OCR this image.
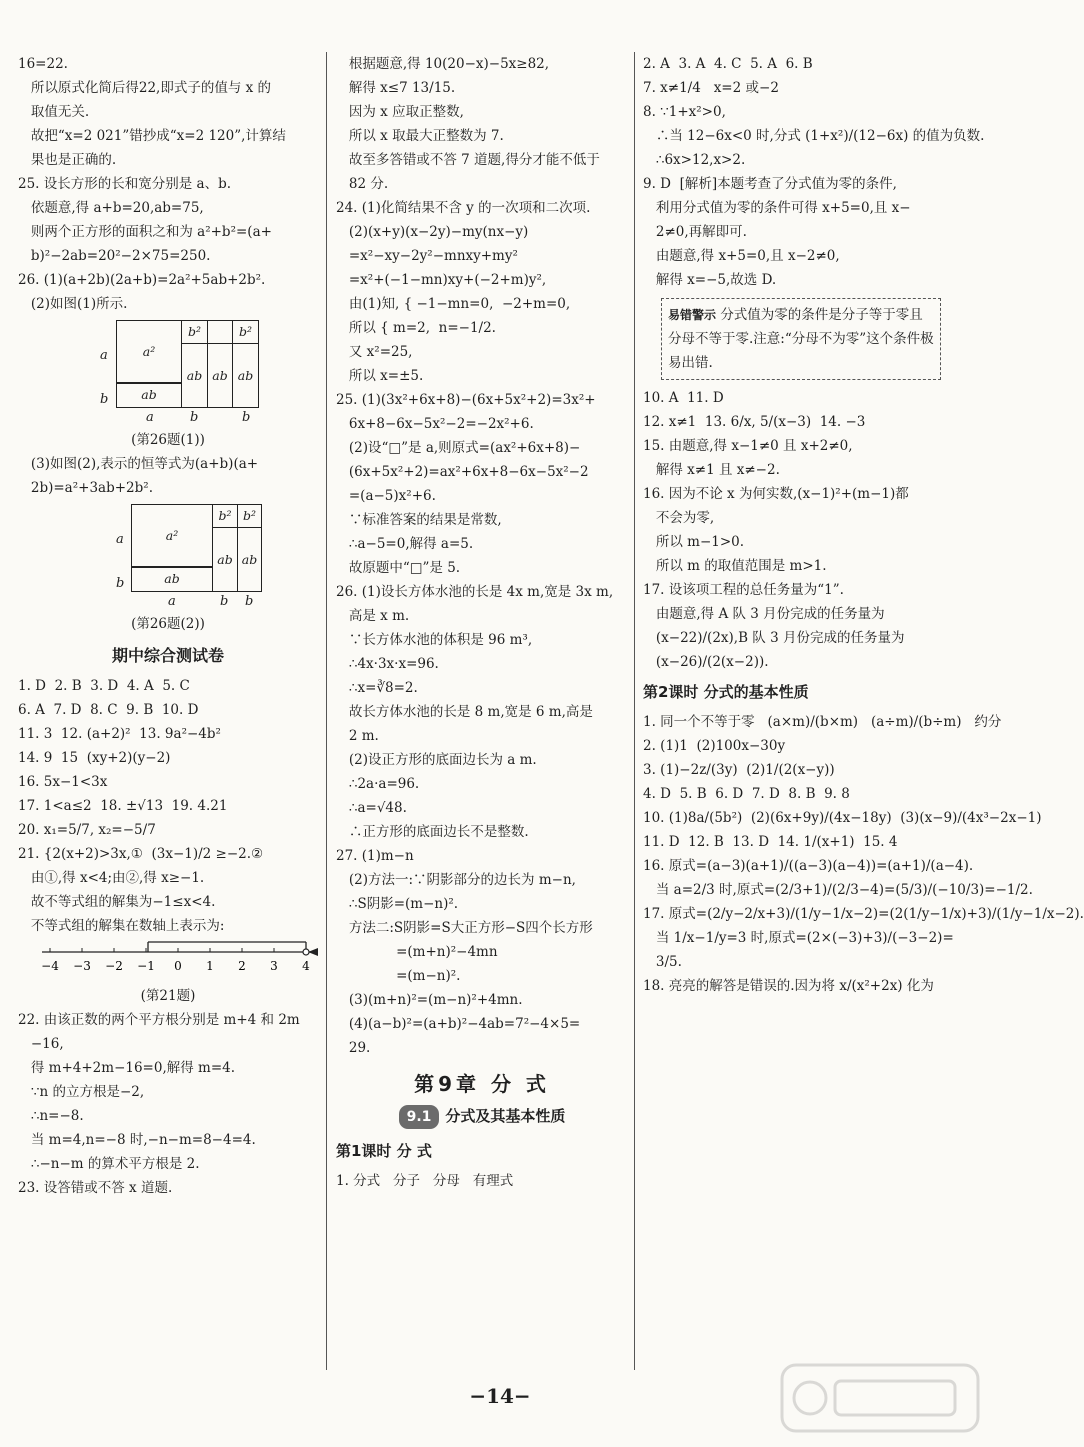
16=22.
所以原式化简后得22,即式子的值与 x 的
取值无关.
故把“x=2 021”错抄成“x=2 120”,计算结
果也是正确的.
25. 设长方形的长和宽分别是 a、b.
依题意,得 a+b=20,ab=75,
则两个正方形的面积之和为 a²+b²=(a+
b)²−2ab=20²−2×75=250.
26. (1)(a+2b)(2a+b)=2a²+5ab+2b².
(2)如图(1)所示.
a
b
a²
ab
b²	b²
ab ab ab
a	b	b
(第26题(1))
(3)如图(2),表示的恒等式为(a+b)(a+
2b)=a²+3ab+2b².
a
b
a²
ab
b² b²
ab ab
a	b b
(第26题(2))
期中综合测试卷
1. D  2. B  3. D  4. A  5. C
6. A  7. D  8. C  9. B  10. D
11. 3  12. (a+2)²  13. 9a²−4b²
14. 9  15  (xy+2)(y−2)
16. 5x−1<3x
17. 1<a≤2  18. ±√13  19. 4.21
20. x₁=5/7, x₂=−5/7
21. {2(x+2)>3x,①  (3x−1)/2 ≥−2.②
由①,得 x<4;由②,得 x≥−1.
故不等式组的解集为−1≤x<4.
不等式组的解集在数轴上表示为:
−4 −3 −2 −1 0 1 2 3 4
(第21题)
22. 由该正数的两个平方根分别是 m+4 和 2m
−16,
得 m+4+2m−16=0,解得 m=4.
∵n 的立方根是−2,
∴n=−8.
当 m=4,n=−8 时,−n−m=8−4=4.
∴−n−m 的算术平方根是 2.
23. 设答错或不答 x 道题.
根据题意,得 10(20−x)−5x≥82,
解得 x≤7 13/15.
因为 x 应取正整数,
所以 x 取最大正整数为 7.
故至多答错或不答 7 道题,得分才能不低于
82 分.
24. (1)化简结果不含 y 的一次项和二次项.
(2)(x+y)(x−2y)−my(nx−y)
=x²−xy−2y²−mnxy+my²
=x²+(−1−mn)xy+(−2+m)y²,
由(1)知, { −1−mn=0,  −2+m=0,
所以 { m=2,  n=−1/2.
又 x²=25,
所以 x=±5.
25. (1)(3x²+6x+8)−(6x+5x²+2)=3x²+
6x+8−6x−5x²−2=−2x²+6.
(2)设“□”是 a,则原式=(ax²+6x+8)−
(6x+5x²+2)=ax²+6x+8−6x−5x²−2
=(a−5)x²+6.
∵标准答案的结果是常数,
∴a−5=0,解得 a=5.
故原题中“□”是 5.
26. (1)设长方体水池的长是 4x m,宽是 3x m,
高是 x m.
∵长方体水池的体积是 96 m³,
∴4x·3x·x=96.
∴x=∛8=2.
故长方体水池的长是 8 m,宽是 6 m,高是
2 m.
(2)设正方形的底面边长为 a m.
∴2a·a=96.
∴a=√48.
∴正方形的底面边长不是整数.
27. (1)m−n
(2)方法一:∵阴影部分的边长为 m−n,
∴S阴影=(m−n)².
方法二:S阴影=S大正方形−S四个长方形
=(m+n)²−4mn
=(m−n)².
(3)(m+n)²=(m−n)²+4mn.
(4)(a−b)²=(a+b)²−4ab=7²−4×5=
29.
第9章 分 式
9.1 分式及其基本性质
第1课时 分 式
1. 分式   分子   分母   有理式
2. A  3. A  4. C  5. A  6. B
7. x≠1/4   x=2 或−2
8. ∵1+x²>0,
∴当 12−6x<0 时,分式 (1+x²)/(12−6x) 的值为负数.
∴6x>12,x>2.
9. D  [解析]本题考查了分式值为零的条件,
利用分式值为零的条件可得 x+5=0,且 x−
2≠0,再解即可.
由题意,得 x+5=0,且 x−2≠0,
解得 x=−5,故选 D.
易错警示 分式值为零的条件是分子等于零且分母不等于零.注意:“分母不为零”这个条件极易出错.
10. A  11. D
12. x≠1  13. 6/x, 5/(x−3)  14. −3
15. 由题意,得 x−1≠0 且 x+2≠0,
解得 x≠1 且 x≠−2.
16. 因为不论 x 为何实数,(x−1)²+(m−1)都
不会为零,
所以 m−1>0.
所以 m 的取值范围是 m>1.
17. 设该项工程的总任务量为“1”.
由题意,得 A 队 3 月份完成的任务量为
(x−22)/(2x),B 队 3 月份完成的任务量为
(x−26)/(2(x−2)).
第2课时 分式的基本性质
1. 同一个不等于零   (a×m)/(b×m)   (a÷m)/(b÷m)   约分
2. (1)1  (2)100x−30y
3. (1)−2z/(3y)  (2)1/(2(x−y))
4. D  5. B  6. D  7. D  8. B  9. 8
10. (1)8a/(5b²)  (2)(6x+9y)/(4x−18y)  (3)(x−9)/(4x³−2x−1)
11. D  12. B  13. D  14. 1/(x+1)  15. 4
16. 原式=(a−3)(a+1)/((a−3)(a−4))=(a+1)/(a−4).
当 a=2/3 时,原式=(2/3+1)/(2/3−4)=(5/3)/(−10/3)=−1/2.
17. 原式=(2/y−2/x+3)/(1/y−1/x−2)=(2(1/y−1/x)+3)/(1/y−1/x−2).
当 1/x−1/y=3 时,原式=(2×(−3)+3)/(−3−2)=
3/5.
18. 亮亮的解答是错误的.因为将 x/(x²+2x) 化为
−14−
